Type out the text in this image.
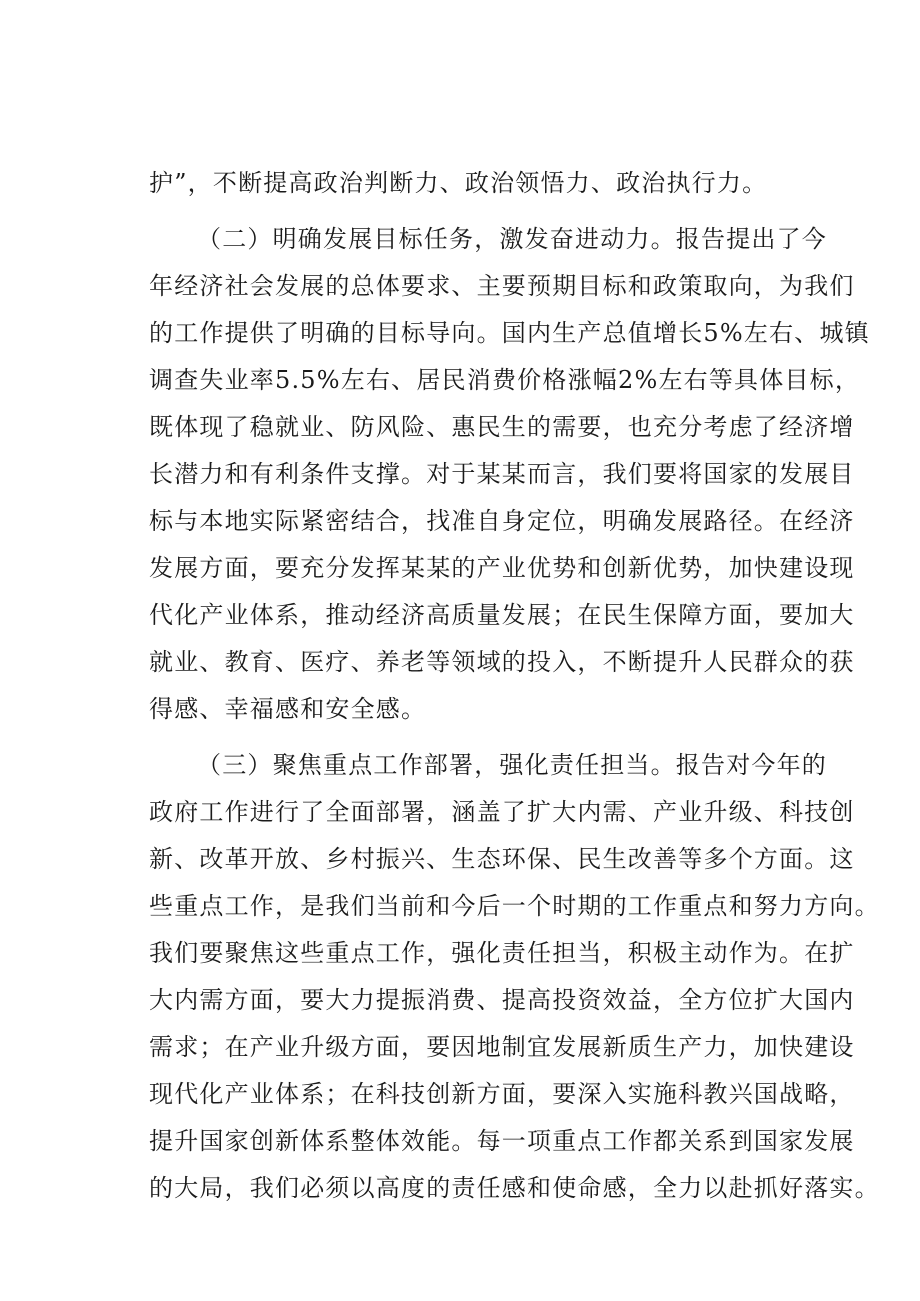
护”，不断提高政治判断力、政治领悟力、政治执行力。
（二）明确发展目标任务，激发奋进动力。报告提出了今
年经济社会发展的总体要求、主要预期目标和政策取向，为我们
的工作提供了明确的目标导向。国内生产总值增长5%左右、城镇
调查失业率5.5%左右、居民消费价格涨幅2%左右等具体目标，
既体现了稳就业、防风险、惠民生的需要，也充分考虑了经济增
长潜力和有利条件支撑。对于某某而言，我们要将国家的发展目
标与本地实际紧密结合，找准自身定位，明确发展路径。在经济
发展方面，要充分发挥某某的产业优势和创新优势，加快建设现
代化产业体系，推动经济高质量发展；在民生保障方面，要加大
就业、教育、医疗、养老等领域的投入，不断提升人民群众的获
得感、幸福感和安全感。
（三）聚焦重点工作部署，强化责任担当。报告对今年的
政府工作进行了全面部署，涵盖了扩大内需、产业升级、科技创
新、改革开放、乡村振兴、生态环保、民生改善等多个方面。这
些重点工作，是我们当前和今后一个时期的工作重点和努力方向。
我们要聚焦这些重点工作，强化责任担当，积极主动作为。在扩
大内需方面，要大力提振消费、提高投资效益，全方位扩大国内
需求；在产业升级方面，要因地制宜发展新质生产力，加快建设
现代化产业体系；在科技创新方面，要深入实施科教兴国战略，
提升国家创新体系整体效能。每一项重点工作都关系到国家发展
的大局，我们必须以高度的责任感和使命感，全力以赴抓好落实。
